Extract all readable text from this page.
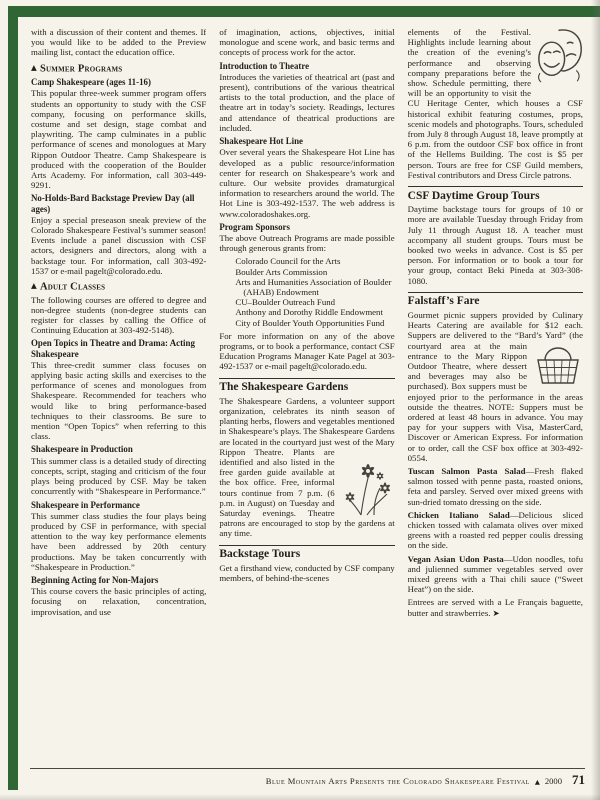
with a discussion of their content and themes. If you would like to be added to the Preview mailing list, contact the education office.

▲ Summer Programs
Camp Shakespeare (ages 11-16)

This popular three-week summer program offers students an opportunity to study with the CSF company, focusing on performance skills, costume and set design, stage combat and playwriting. The camp culminates in a public performance of scenes and monologues at Mary Rippon Outdoor Theatre. Camp Shakespeare is produced with the cooperation of the Boulder Arts Academy. For information, call 303-449-9291.

No-Holds-Bard Backstage Preview Day (all ages)

Enjoy a special preseason sneak preview of the Colorado Shakespeare Festival’s summer season! Events include a panel discussion with CSF actors, designers and directors, along with a backstage tour. For information, call 303-492-1537 or e-mail pagelt@colorado.edu.

▲ Adult Classes

The following courses are offered to degree and non-degree students (non-degree students can register for classes by calling the Office of Continuing Education at 303-492-5148).

Open Topics in Theatre and Drama: Acting Shakespeare

This three-credit summer class focuses on applying basic acting skills and exercises to the performance of scenes and monologues from Shakespeare. Recommended for teachers who would like to bring performance-based techniques to their classrooms. Be sure to mention “Open Topics” when referring to this class.

Shakespeare in Production

This summer class is a detailed study of directing concepts, script, staging and criticism of the four plays being produced by CSF. May be taken concurrently with “Shakespeare in Performance.”

Shakespeare in Performance

This summer class studies the four plays being produced by CSF in performance, with special attention to the way key performance elements have been addressed by 20th century productions. May be taken concurrently with “Shakespeare in Production.”

Beginning Acting for Non-Majors

This course covers the basic principles of acting, focusing on relaxation, concentration, improvisation, and use

of imagination, actions, objectives, initial monologue and scene work, and basic terms and concepts of process work for the actor.

Introduction to Theatre

Introduces the varieties of theatrical art (past and present), contributions of the various theatrical artists to the total production, and the place of theatre art in today’s society. Readings, lectures and attendance of theatrical productions are included.

Shakespeare Hot Line

Over several years the Shakespeare Hot Line has developed as a public resource/information center for research on Shakespeare’s work and culture. Our website provides dramaturgical information to researchers around the world. The Hot Line is 303-492-1537. The web address is www.coloradoshakes.org.

Program Sponsors

The above Outreach Programs are made possible through generous grants from:

Colorado Council for the Arts
Boulder Arts Commission
Arts and Humanities Association of Boulder (AHAB) Endowment
CU–Boulder Outreach Fund
Anthony and Dorothy Riddle Endowment
City of Boulder Youth Opportunities Fund

For more information on any of the above programs, or to book a performance, contact CSF Education Programs Manager Kate Pagel at 303-492-1537 or e-mail pagelt@colorado.edu.

The Shakespeare Gardens

The Shakespeare Gardens, a volunteer support organization, celebrates its ninth season of planting herbs, flowers and vegetables mentioned in Shakespeare’s plays. The Shakespeare Gardens are located in the courtyard just west of the Mary Rippon Theatre. Plants are identified and also listed in the free garden guide available at the box office. Free, informal tours continue from 7 p.m. (6 p.m. in August) on Tuesday and Saturday evenings. Theatre patrons are encouraged to stop by the gardens at any time.

Backstage Tours

Get a firsthand view, conducted by CSF company members, of behind-the-scenes

elements of the Festival. Highlights include learning about the creation of the evening’s performance and observing company preparations before the show. Schedule permitting, there will be an opportunity to visit the CU Heritage Center, which houses a CSF historical exhibit featuring costumes, props, scenic models and photographs. Tours, scheduled from July 8 through August 18, leave promptly at 6 p.m. from the outdoor CSF box office in front of the Hellems Building. The cost is $5 per person. Tours are free for CSF Guild members, Festival contributors and Dress Circle patrons.

CSF Daytime Group Tours

Daytime backstage tours for groups of 10 or more are available Tuesday through Friday from July 11 through August 18. A teacher must accompany all student groups. Tours must be booked two weeks in advance. Cost is $5 per person. For information or to book a tour for your group, contact Beki Pineda at 303-308-1080.

Falstaff’s Fare

Gourmet picnic suppers provided by Culinary Hearts Catering are available for $12 each. Suppers are delivered to the “Bard’s Yard” (the courtyard area at the main entrance to the Mary Rippon Outdoor Theatre, where dessert and beverages may also be purchased). Box suppers must be enjoyed prior to the performance in the areas outside the theatres. NOTE: Suppers must be ordered at least 48 hours in advance. You may pay for your suppers with Visa, MasterCard, Discover or American Express. For information or to order, call the CSF box office at 303-492-0554.

Tuscan Salmon Pasta Salad—Fresh flaked salmon tossed with penne pasta, roasted onions, feta and parsley. Served over mixed greens with sun-dried tomato dressing on the side.

Chicken Italiano Salad—Delicious sliced chicken tossed with calamata olives over mixed greens with a roasted red pepper coulis dressing on the side.

Vegan Asian Udon Pasta—Udon noodles, tofu and julienned summer vegetables served over mixed greens with a Thai chili sauce (“Sweet Heat”) on the side.

Entrees are served with a Le Français baguette, butter and strawberries. ➤

Blue Mountain Arts Presents the Colorado Shakespeare Festival ▲ 2000 71
